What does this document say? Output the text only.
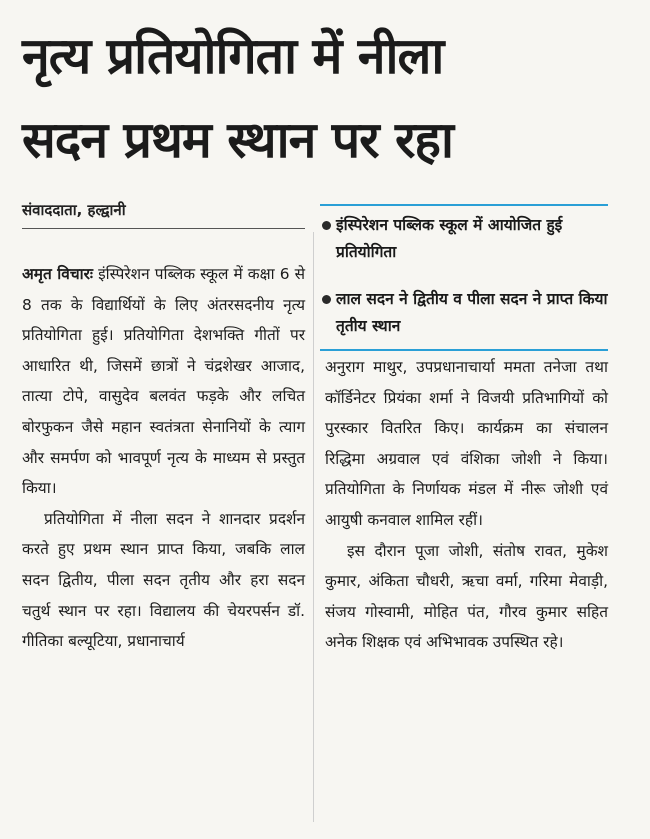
नृत्य प्रतियोगिता में नीला
सदन प्रथम स्थान पर रहा
संवाददाता, हल्द्वानी
इंस्पिरेशन पब्लिक स्कूल में आयोजित हुई प्रतियोगिता
लाल सदन ने द्वितीय व पीला सदन ने प्राप्त किया तृतीय स्थान

अमृत विचारः इंस्पिरेशन पब्लिक स्कूल में कक्षा 6 से 8 तक के विद्यार्थियों के लिए अंतरसदनीय नृत्य प्रतियोगिता हुई। प्रतियोगिता देशभक्ति गीतों पर आधारित थी, जिसमें छात्रों ने चंद्रशेखर आजाद, तात्या टोपे, वासुदेव बलवंत फड़के और लचित बोरफुकन जैसे महान स्वतंत्रता सेनानियों के त्याग और समर्पण को भावपूर्ण नृत्य के माध्यम से प्रस्तुत किया।

प्रतियोगिता में नीला सदन ने शानदार प्रदर्शन करते हुए प्रथम स्थान प्राप्त किया, जबकि लाल सदन द्वितीय, पीला सदन तृतीय और हरा सदन चतुर्थ स्थान पर रहा। विद्यालय की चेयरपर्सन डॉ. गीतिका बल्यूटिया, प्रधानाचार्य

अनुराग माथुर, उपप्रधानाचार्या ममता तनेजा तथा कॉर्डिनेटर प्रियंका शर्मा ने विजयी प्रतिभागियों को पुरस्कार वितरित किए। कार्यक्रम का संचालन रिद्धिमा अग्रवाल एवं वंशिका जोशी ने किया। प्रतियोगिता के निर्णायक मंडल में नीरू जोशी एवं आयुषी कनवाल शामिल रहीं।

इस दौरान पूजा जोशी, संतोष रावत, मुकेश कुमार, अंकिता चौधरी, ऋचा वर्मा, गरिमा मेवाड़ी, संजय गोस्वामी, मोहित पंत, गौरव कुमार सहित अनेक शिक्षक एवं अभिभावक उपस्थित रहे।
